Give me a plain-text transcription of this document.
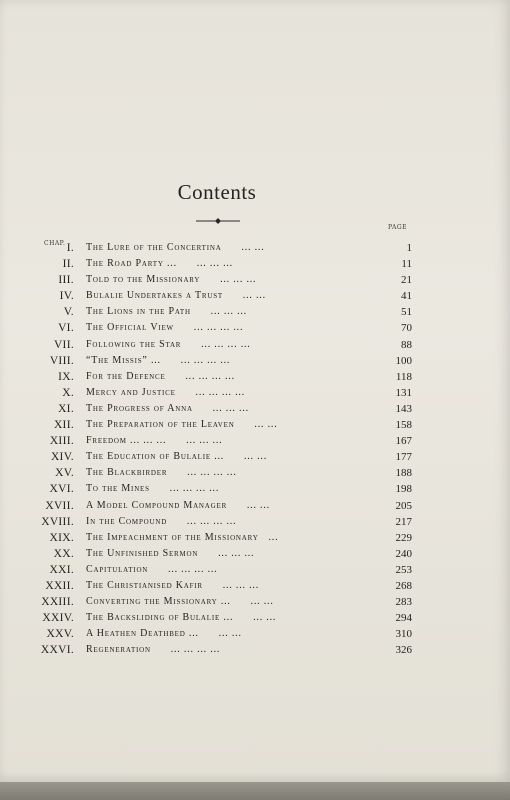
Contents
PAGE
CHAP. I. The Lure of the Concertina ... ...	1
II. The Road Party ... ... ... ...	11
III. Told to the Missionary ... ... ...	21
IV. Bulalie Undertakes a Trust ... ...	41
V. The Lions in the Path ... ... ...	51
VI. The Official View ... ... ... ...	70
VII. Following the Star ... ... ... ...	88
VIII. “The Missis” ... ... ... ... ...	100
IX. For the Defence ... ... ... ...	118
X. Mercy and Justice ... ... ... ...	131
XI. The Progress of Anna ... ... ...	143
XII. The Preparation of the Leaven ... ...	158
XIII. Freedom ... ... ... ... ... ...	167
XIV. The Education of Bulalie ... ... ...	177
XV. The Blackbirder ... ... ... ...	188
XVI. To the Mines ... ... ... ...	198
XVII. A Model Compound Manager ... ...	205
XVIII. In the Compound ... ... ... ...	217
XIX. The Impeachment of the Missionary ...	229
XX. The Unfinished Sermon ... ... ...	240
XXI. Capitulation ... ... ... ...	253
XXII. The Christianised Kafir ... ... ...	268
XXIII. Converting the Missionary ... ... ...	283
XXIV. The Backsliding of Bulalie ... ... ...	294
XXV. A Heathen Deathbed ... ... ...	310
XXVI. Regeneration ... ... ... ...	326
